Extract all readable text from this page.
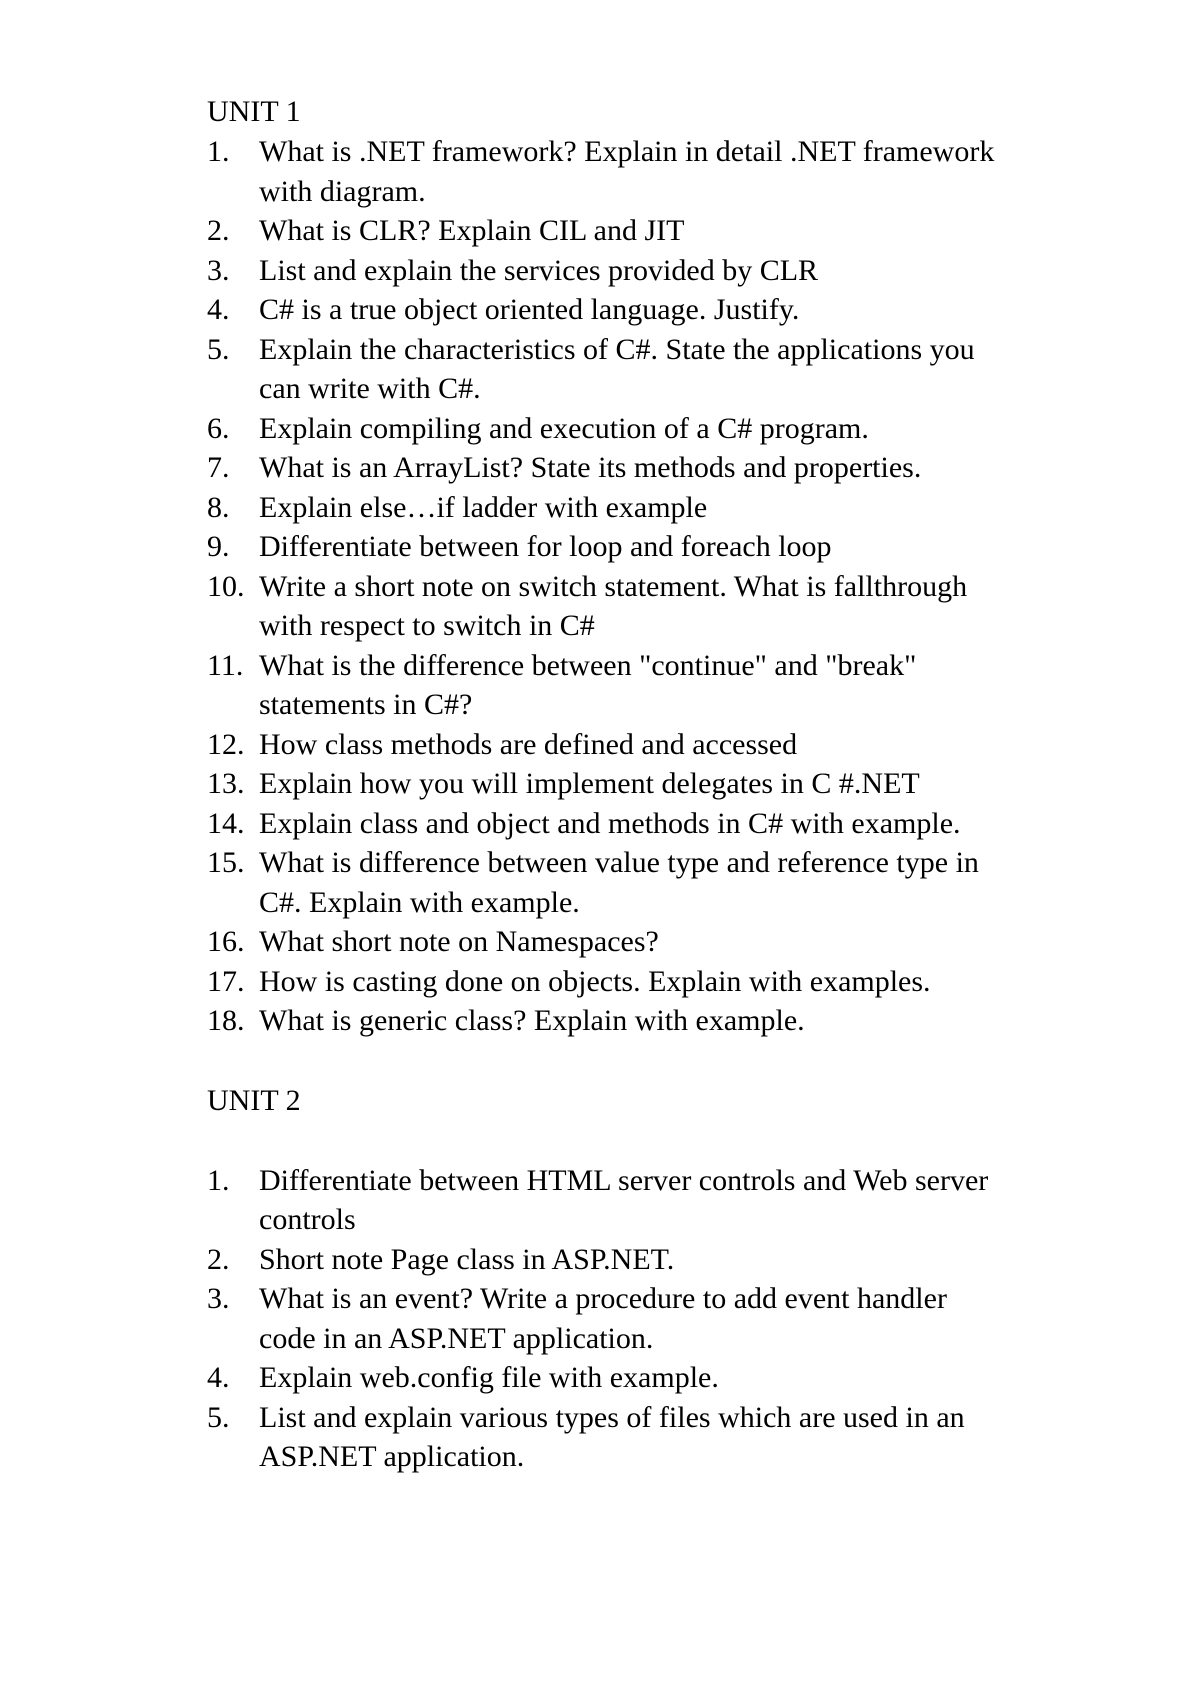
UNIT 1
1. What is .NET framework? Explain in detail .NET framework with diagram.
2. What is CLR? Explain CIL and JIT
3. List and explain the services provided by CLR
4. C# is a true object oriented language. Justify.
5. Explain the characteristics of C#. State the applications you can write with C#.
6. Explain compiling and execution of a C# program.
7. What is an ArrayList? State its methods and properties.
8. Explain else…if ladder with example
9. Differentiate between for loop and foreach loop
10. Write a short note on switch statement. What is fallthrough with respect to switch in C#
11. What is the difference between "continue" and "break" statements in C#?
12. How class methods are defined and accessed
13. Explain how you will implement delegates in C #.NET
14. Explain class and object and methods in C# with example.
15. What is difference between value type and reference type in C#. Explain with example.
16. What short note on Namespaces?
17. How is casting done on objects. Explain with examples.
18. What is generic class? Explain with example.
UNIT 2
1. Differentiate between HTML server controls and Web server controls
2. Short note Page class in ASP.NET.
3. What is an event? Write a procedure to add event handler code in an ASP.NET application.
4. Explain web.config file with example.
5. List and explain various types of files which are used in an ASP.NET application.
